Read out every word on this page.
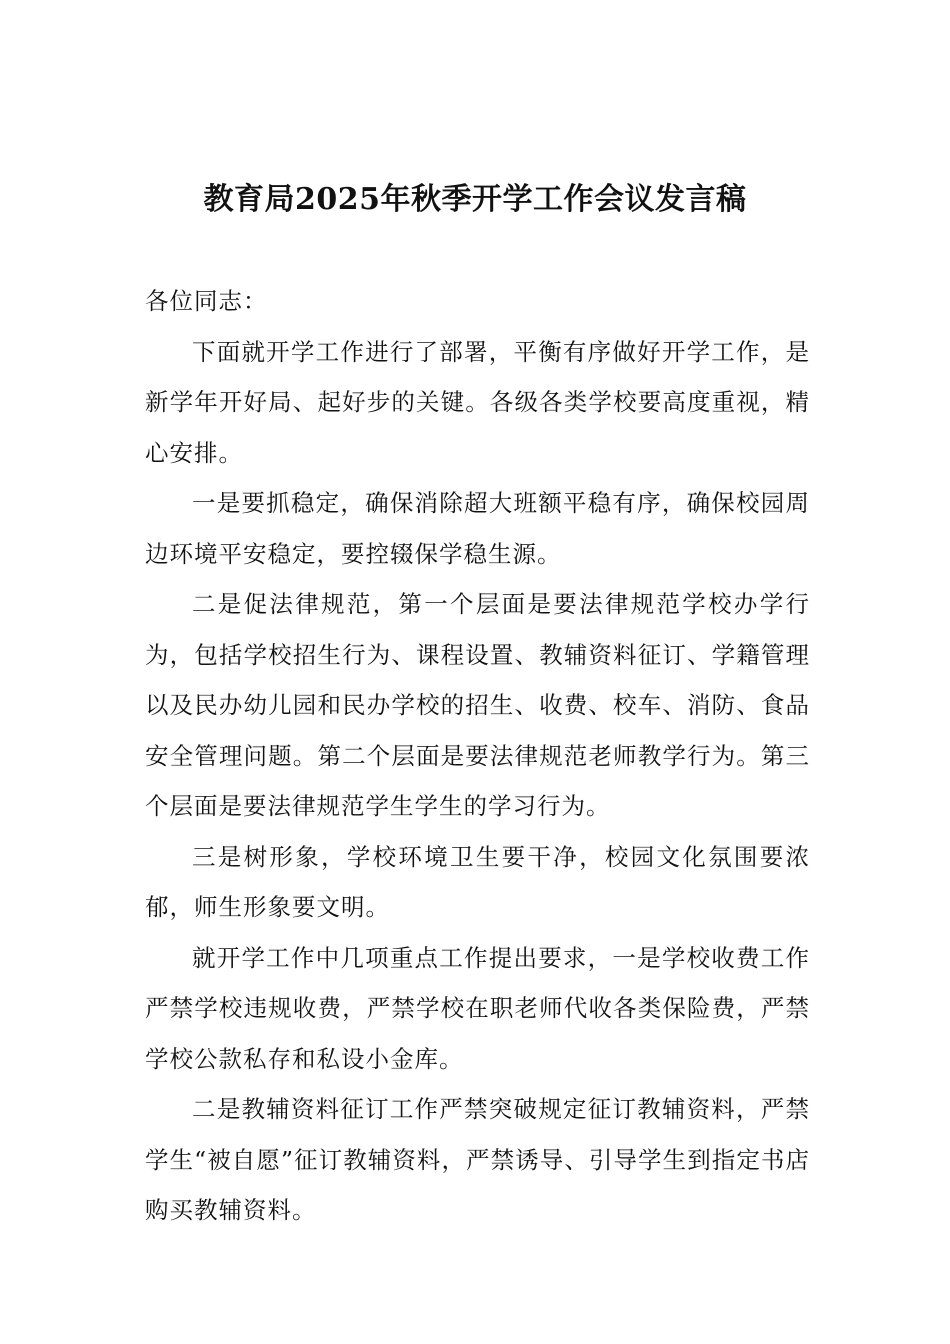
教育局2025年秋季开学工作会议发言稿

各位同志：

下面就开学工作进行了部署，平衡有序做好开学工作，是新学年开好局、起好步的关键。各级各类学校要高度重视，精心安排。

一是要抓稳定，确保消除超大班额平稳有序，确保校园周边环境平安稳定，要控辍保学稳生源。

二是促法律规范，第一个层面是要法律规范学校办学行为，包括学校招生行为、课程设置、教辅资料征订、学籍管理以及民办幼儿园和民办学校的招生、收费、校车、消防、食品安全管理问题。第二个层面是要法律规范老师教学行为。第三个层面是要法律规范学生学生的学习行为。

三是树形象，学校环境卫生要干净，校园文化氛围要浓郁，师生形象要文明。

就开学工作中几项重点工作提出要求，一是学校收费工作严禁学校违规收费，严禁学校在职老师代收各类保险费，严禁学校公款私存和私设小金库。

二是教辅资料征订工作严禁突破规定征订教辅资料，严禁学生“被自愿”征订教辅资料，严禁诱导、引导学生到指定书店购买教辅资料。
